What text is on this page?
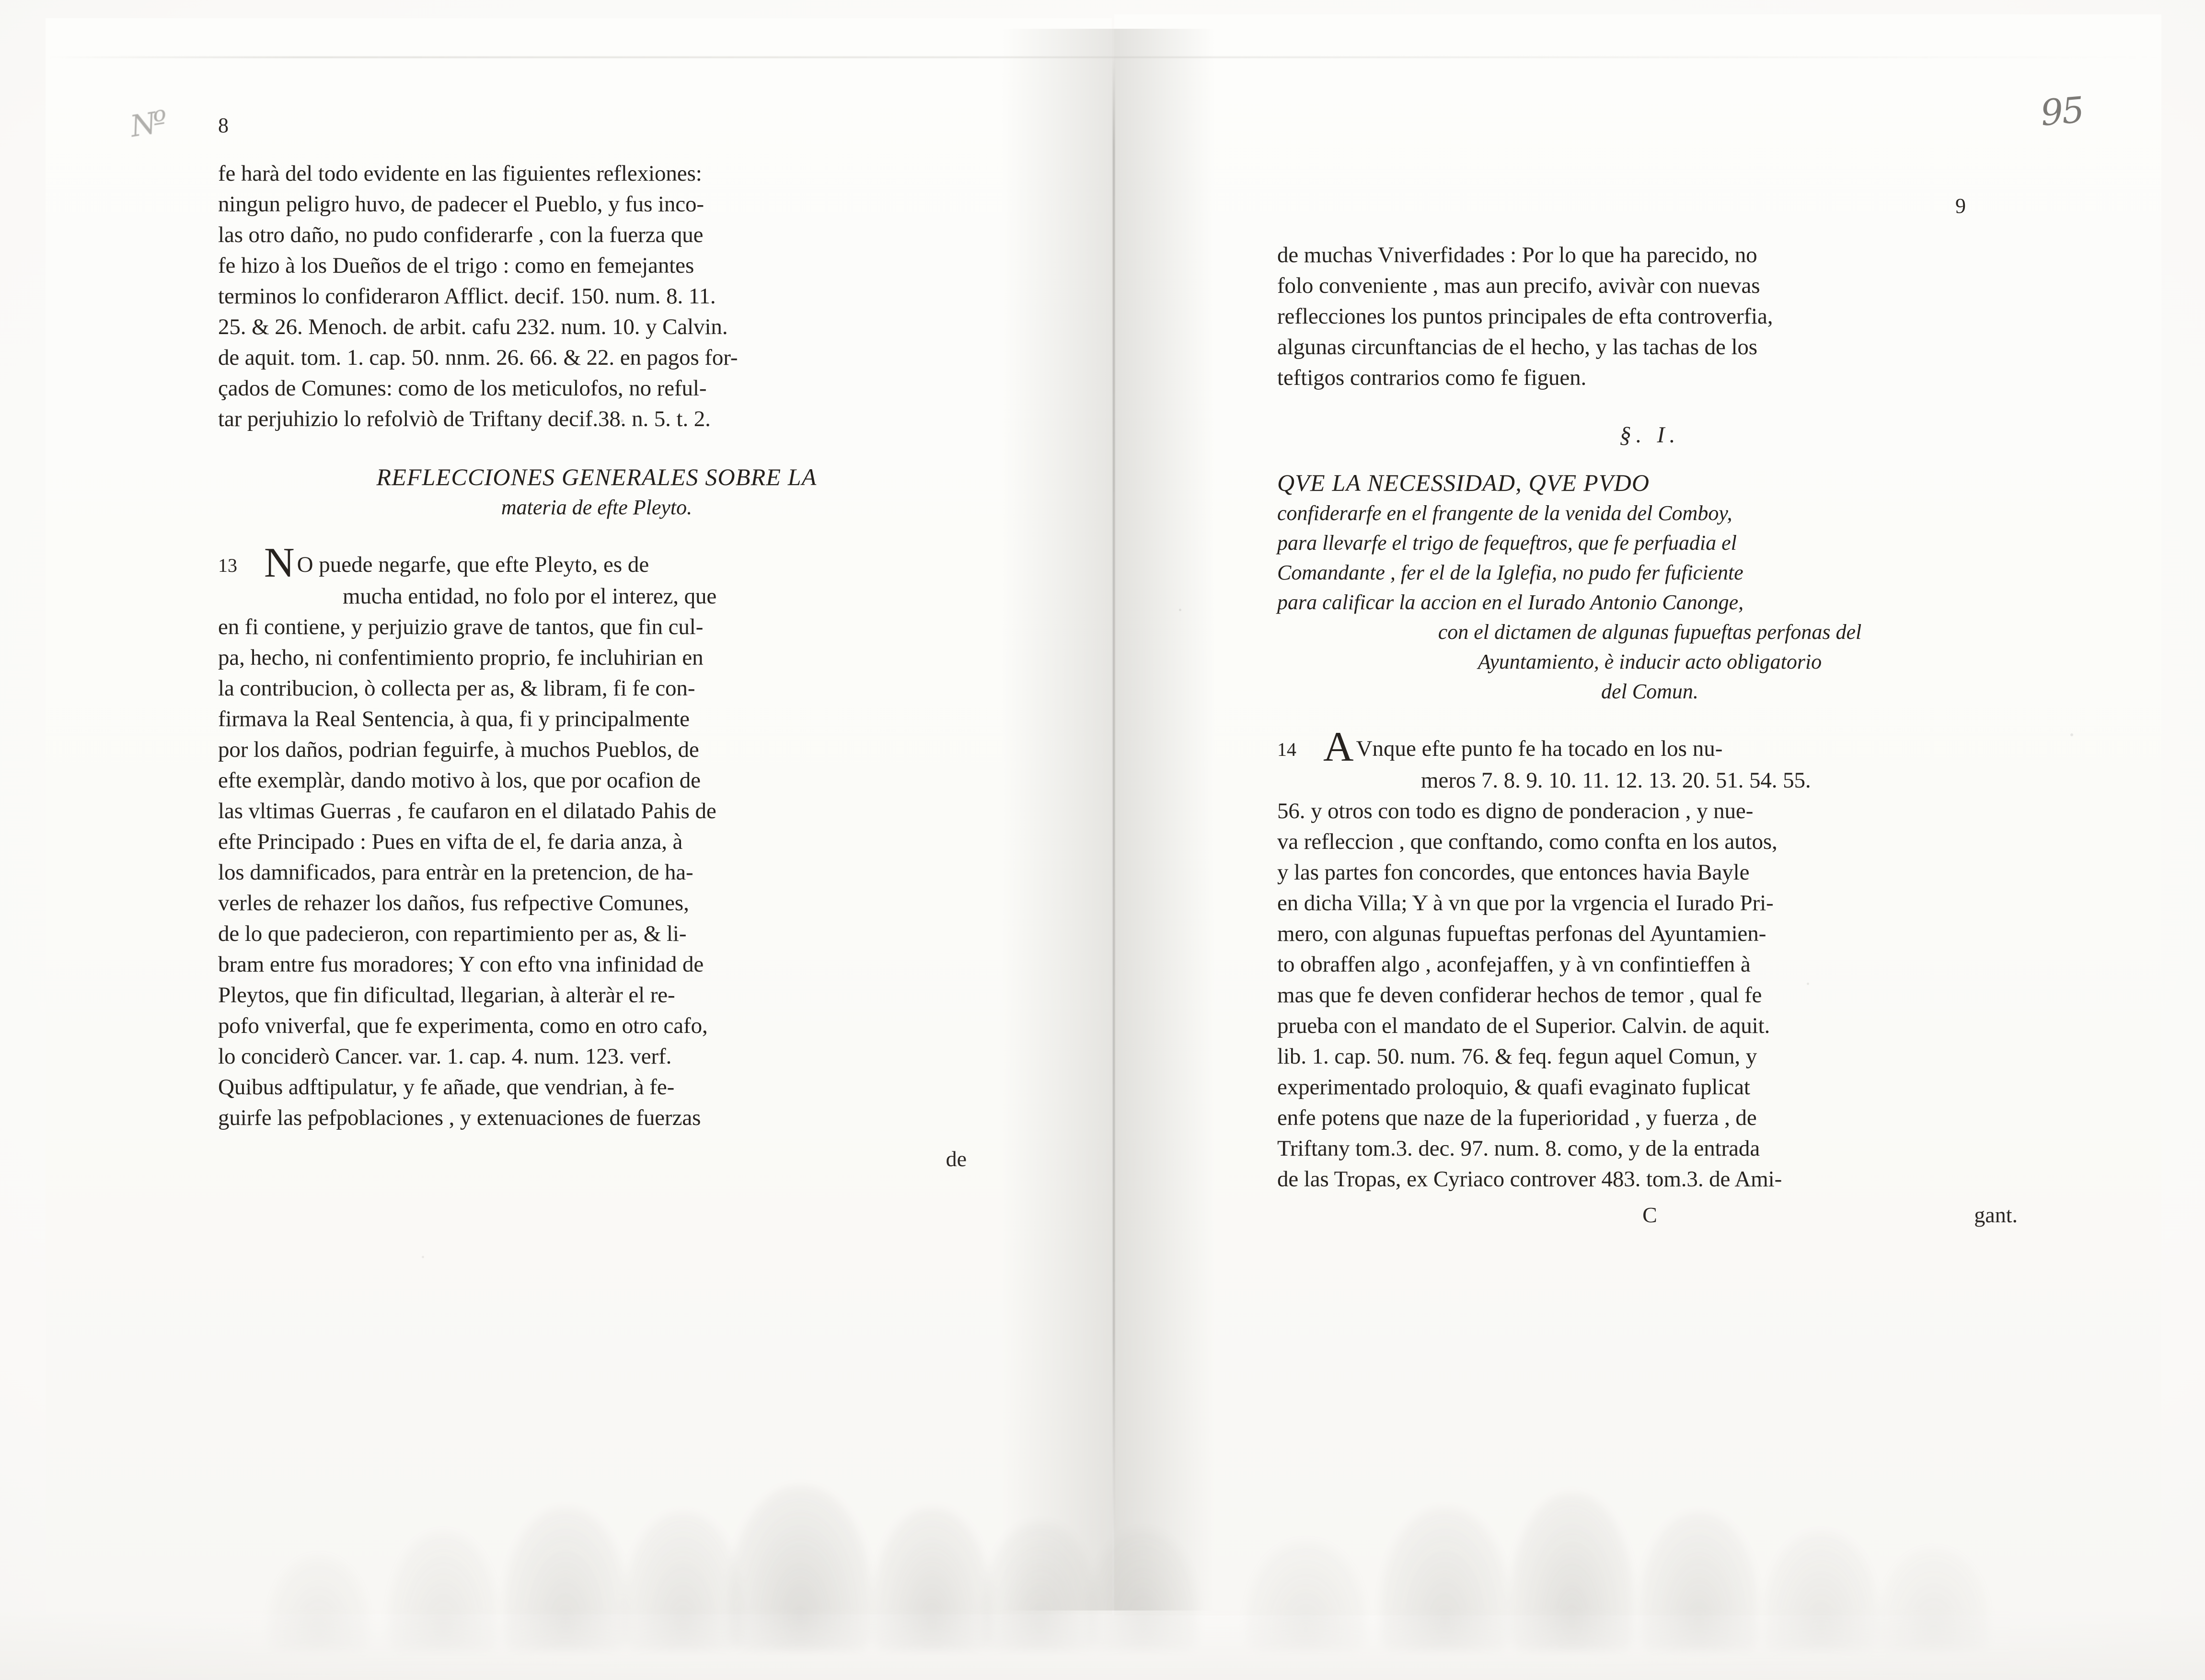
Nº	95
8
fe harà del todo evidente en las figuientes reflexiones:
ningun peligro huvo, de padecer el Pueblo, y fus inco-
las otro daño, no pudo confiderarfe , con la fuerza que
fe hizo à los Dueños de el trigo : como en femejantes
terminos lo confideraron Afflict. decif. 150. num. 8. 11.
25. & 26. Menoch. de arbit. cafu 232. num. 10. y Calvin.
de aquit. tom. 1. cap. 50. nnm. 26. 66. & 22. en pagos for-
çados de Comunes: como de los meticulofos, no reful-
tar perjuhizio lo refolviò de Triftany decif.38. n. 5. t. 2.
REFLECCIONES GENERALES SOBRE LA
materia de efte Pleyto.
13 N O puede negarfe, que efte Pleyto, es de
mucha entidad, no folo por el interez, que
en fi contiene, y perjuizio grave de tantos, que fin cul-
pa, hecho, ni confentimiento proprio, fe incluhirian en
la contribucion, ò collecta per as, & libram, fi fe con-
firmava la Real Sentencia, à qua, fi y principalmente
por los daños, podrian feguirfe, à muchos Pueblos, de
efte exemplàr, dando motivo à los, que por ocafion de
las vltimas Guerras , fe caufaron en el dilatado Pahis de
efte Principado : Pues en vifta de el, fe daria anza, à
los damnificados, para entràr en la pretencion, de ha-
verles de rehazer los daños, fus refpective Comunes,
de lo que padecieron, con repartimiento per as, & li-
bram entre fus moradores; Y con efto vna infinidad de
Pleytos, que fin dificultad, llegarian, à alteràr el re-
pofo vniverfal, que fe experimenta, como en otro cafo,
lo conciderò Cancer. var. 1. cap. 4. num. 123. verf.
Quibus adftipulatur, y fe añade, que vendrian, à fe-
guirfe las pefpoblaciones , y extenuaciones de fuerzas
de
9
de muchas Vniverfidades : Por lo que ha parecido, no
folo conveniente , mas aun precifo, avivàr con nuevas
reflecciones los puntos principales de efta controverfia,
algunas circunftancias de el hecho, y las tachas de los
teftigos contrarios como fe figuen.
§. I.
QVE LA NECESSIDAD, QVE PVDO
confiderarfe en el frangente de la venida del Comboy,
para llevarfe el trigo de fequeftros, que fe perfuadia el
Comandante , fer el de la Iglefia, no pudo fer fuficiente
para calificar la accion en el Iurado Antonio Canonge,
con el dictamen de algunas fupueftas perfonas del
Ayuntamiento, è inducir acto obligatorio
del Comun.
14 A Vnque efte punto fe ha tocado en los nu-
meros 7. 8. 9. 10. 11. 12. 13. 20. 51. 54. 55.
56. y otros con todo es digno de ponderacion , y nue-
va refleccion , que conftando, como confta en los autos,
y las partes fon concordes, que entonces havia Bayle
en dicha Villa; Y à vn que por la vrgencia el Iurado Pri-
mero, con algunas fupueftas perfonas del Ayuntamien-
to obraffen algo , aconfejaffen, y à vn confintieffen à
mas que fe deven confiderar hechos de temor , qual fe
prueba con el mandato de el Superior. Calvin. de aquit.
lib. 1. cap. 50. num. 76. & feq. fegun aquel Comun, y
experimentado proloquio, & quafi evaginato fuplicat
enfe potens que naze de la fuperioridad , y fuerza , de
Triftany tom.3. dec. 97. num. 8. como, y de la entrada
de las Tropas, ex Cyriaco controver 483. tom.3. de Ami-
C	gant.
